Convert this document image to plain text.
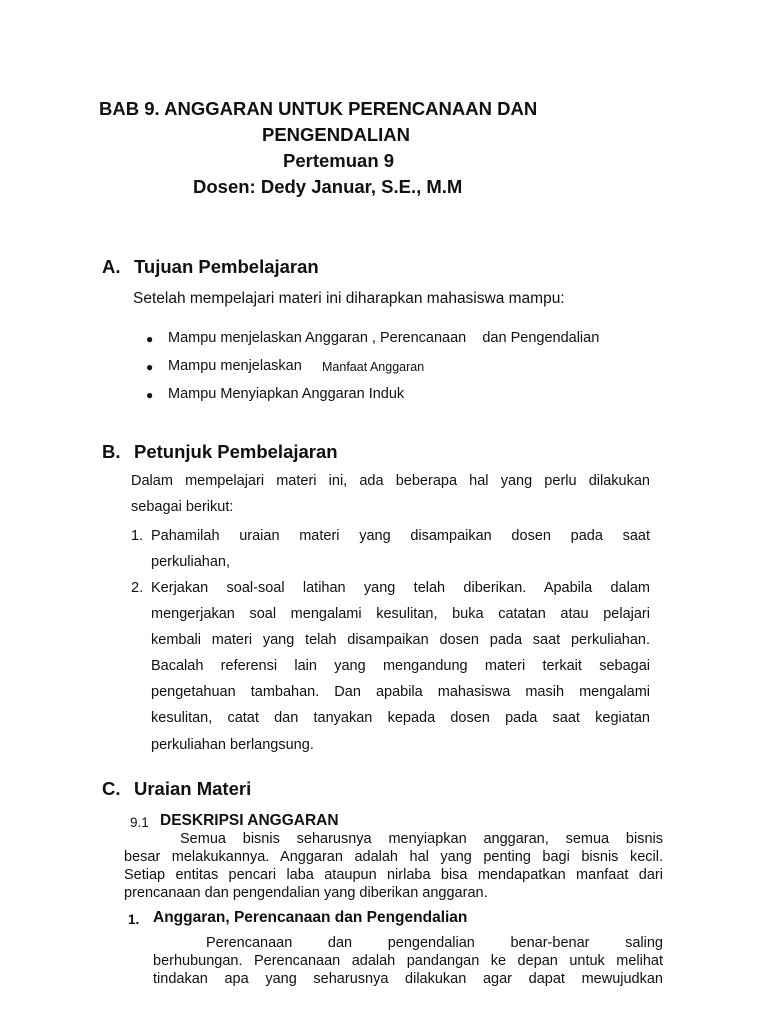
BAB 9. ANGGARAN UNTUK PERENCANAAN DAN

PENGENDALIAN

Pertemuan 9

Dosen: Dedy Januar, S.E., M.M

A. Tujuan Pembelajaran

Setelah mempelajari materi ini diharapkan mahasiswa mampu:

● Mampu menjelaskan Anggaran , Perencanaan    dan Pengendalian

● Mampu menjelaskan Manfaat Anggaran

● Mampu Menyiapkan Anggaran Induk

B. Petunjuk Pembelajaran

Dalam mempelajari materi ini, ada beberapa hal yang perlu dilakukan

sebagai berikut:

1. Pahamilah uraian materi yang disampaikan dosen pada saat

perkuliahan,

2. Kerjakan soal-soal latihan yang telah diberikan. Apabila dalam

mengerjakan soal mengalami kesulitan, buka catatan atau pelajari

kembali materi yang telah disampaikan dosen pada saat perkuliahan.

Bacalah referensi lain yang mengandung materi terkait sebagai

pengetahuan tambahan. Dan apabila mahasiswa masih mengalami

kesulitan, catat dan tanyakan kepada dosen pada saat kegiatan

perkuliahan berlangsung.

C. Uraian Materi

9.1 DESKRIPSI ANGGARAN

Semua bisnis seharusnya menyiapkan anggaran, semua bisnis

besar melakukannya. Anggaran adalah hal yang penting bagi bisnis kecil.

Setiap entitas pencari laba ataupun nirlaba bisa mendapatkan manfaat dari

prencanaan dan pengendalian yang diberikan anggaran.

1. Anggaran, Perencanaan dan Pengendalian

Perencanaan dan pengendalian benar-benar saling

berhubungan. Perencanaan adalah pandangan ke depan untuk melihat

tindakan apa yang seharusnya dilakukan agar dapat mewujudkan
